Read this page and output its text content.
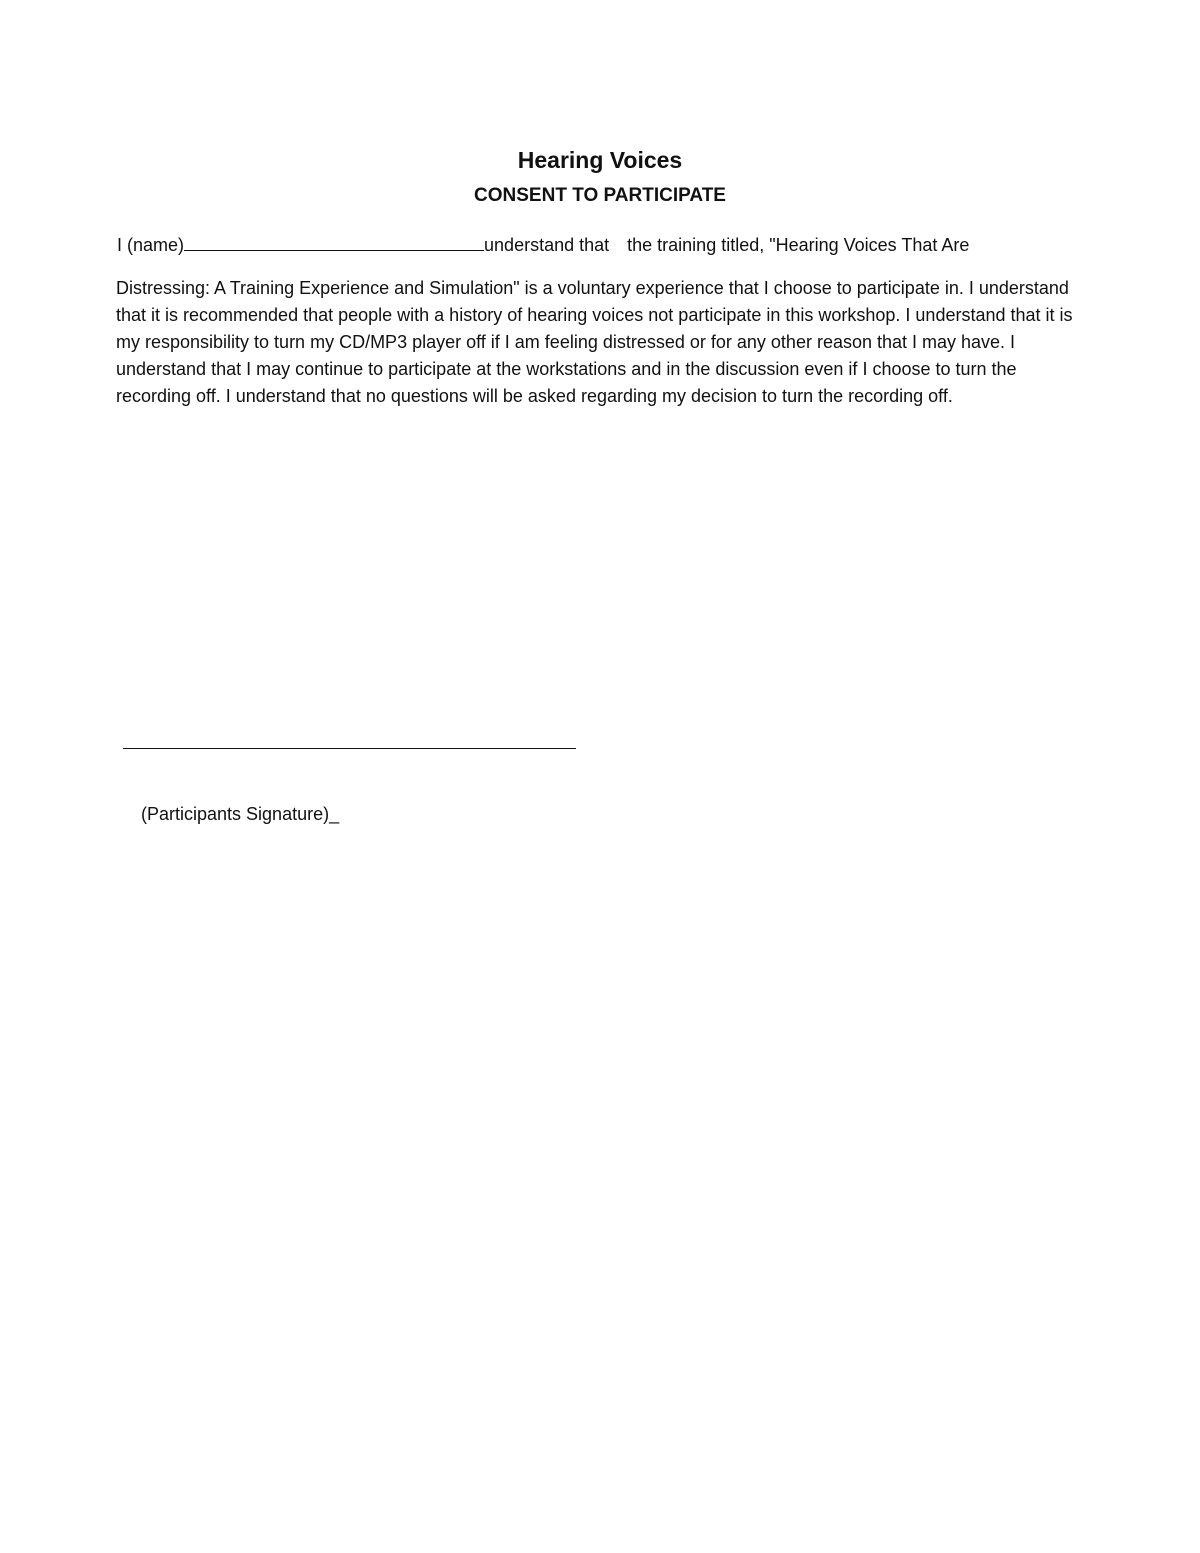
Hearing Voices
CONSENT TO PARTICIPATE
I (name)	understand that the training titled, "Hearing Voices That Are
Distressing: A Training Experience and Simulation" is a voluntary experience that I choose to participate in. I understand that it is recommended that people with a history of hearing voices not participate in this workshop. I understand that it is my responsibility to turn my CD/MP3 player off if I am feeling distressed or for any other reason that I may have. I understand that I may continue to participate at the workstations and in the discussion even if I choose to turn the recording off. I understand that no questions will be asked regarding my decision to turn the recording off.
(Participants Signature)_
